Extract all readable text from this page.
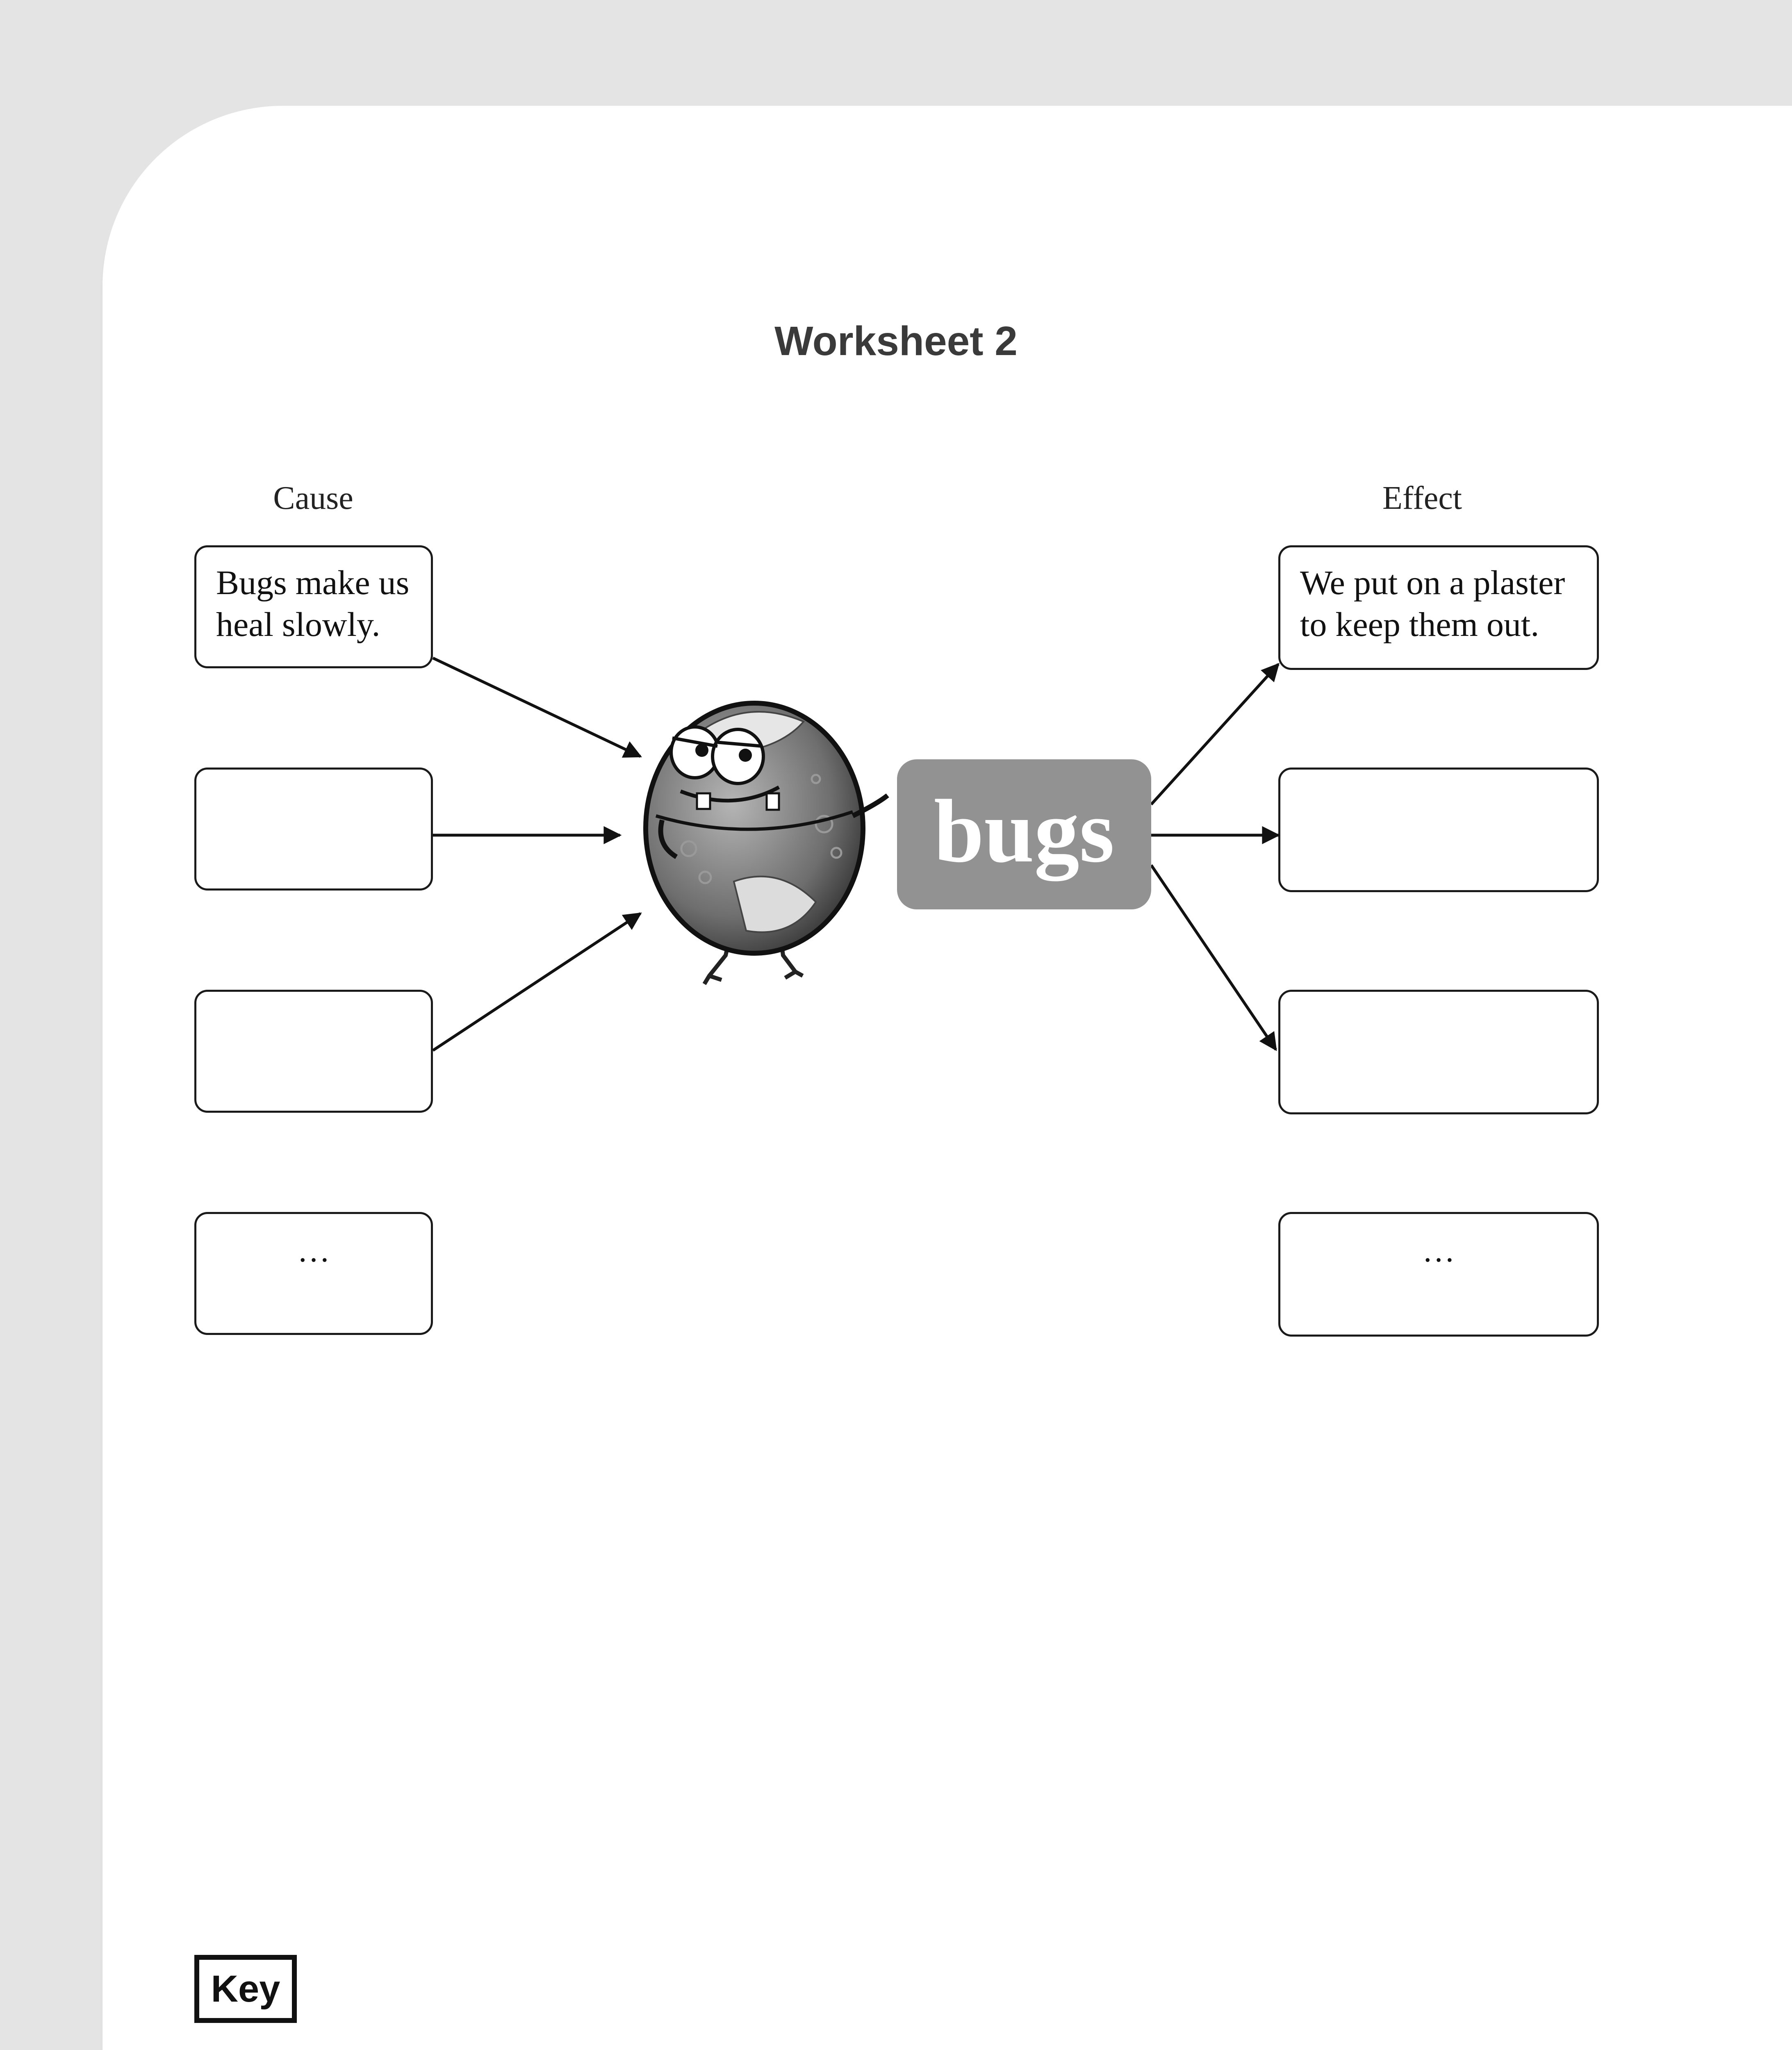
Worksheet 2
Cause	Effect
Bugs make us
heal slowly.
…
We put on a plaster
to keep them out.
…
bugs
Key
